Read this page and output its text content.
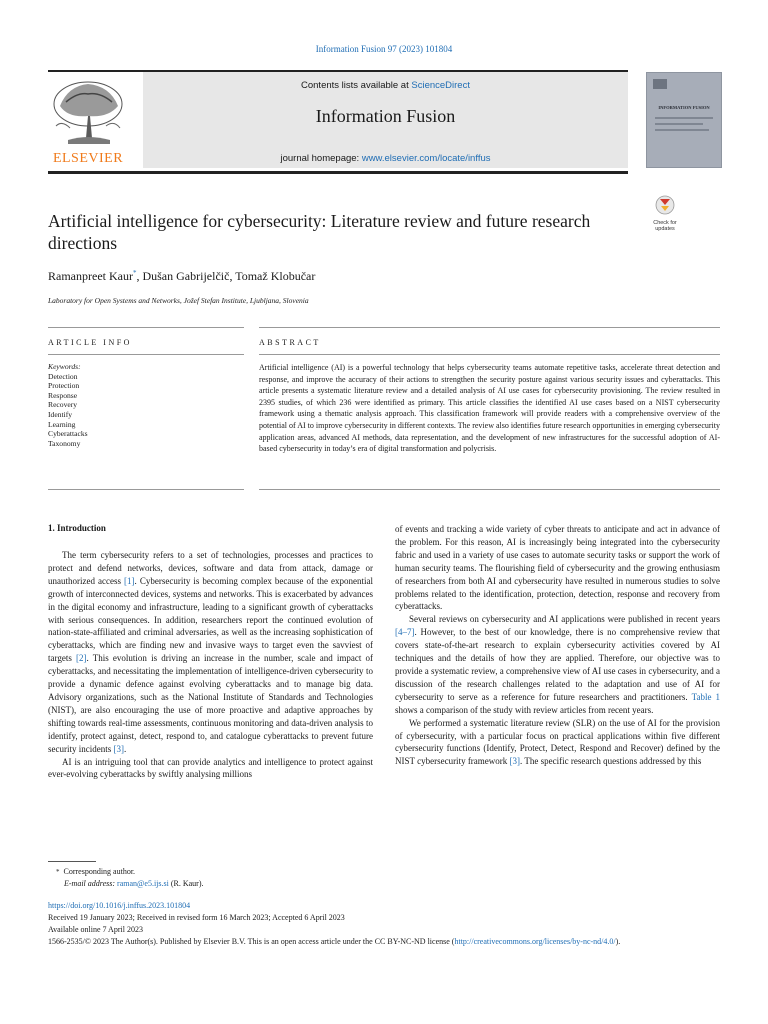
Information Fusion 97 (2023) 101804
ELSEVIER
Contents lists available at ScienceDirect
Information Fusion
journal homepage: www.elsevier.com/locate/inffus
INFORMATION FUSION
Check for
updates
Artificial intelligence for cybersecurity: Literature review and future research directions
Ramanpreet Kaur*, Dušan Gabrijelčič, Tomaž Klobučar
Laboratory for Open Systems and Networks, Jožef Stefan Institute, Ljubljana, Slovenia
ARTICLE INFO	ABSTRACT
Keywords:
Detection
Protection
Response
Recovery
Identify
Learning
Cyberattacks
Taxonomy
Artificial intelligence (AI) is a powerful technology that helps cybersecurity teams automate repetitive tasks, accelerate threat detection and response, and improve the accuracy of their actions to strengthen the security posture against various security issues and cyberattacks. This article presents a systematic literature review and a detailed analysis of AI use cases for cybersecurity provisioning. The review resulted in 2395 studies, of which 236 were identified as primary. This article classifies the identified AI use cases based on a NIST cybersecurity framework using a thematic analysis approach. This classification framework will provide readers with a comprehensive overview of the potential of AI to improve cybersecurity in different contexts. The review also identifies future research opportunities in emerging cybersecurity application areas, advanced AI methods, data representation, and the development of new infrastructures for the successful adoption of AI-based cybersecurity in today’s era of digital transformation and polycrisis.
1. Introduction

The term cybersecurity refers to a set of technologies, processes and practices to protect and defend networks, devices, software and data from attack, damage or unauthorized access [1]. Cybersecurity is becoming complex because of the exponential growth of interconnected devices, systems and networks. This is exacerbated by advances in the digital economy and infrastructure, leading to a significant growth of cyberattacks with serious consequences. In addition, researchers report the continued evolution of nation-state-affiliated and criminal adversaries, as well as the increasing sophistication of cyberattacks, which are finding new and invasive ways to target even the savviest of targets [2]. This evolution is driving an increase in the number, scale and impact of cyberattacks, and necessitating the implementation of intelligence-driven cybersecurity to provide a dynamic defence against evolving cyberattacks and to manage big data. Advisory organizations, such as the National Institute of Standards and Technologies (NIST), are also encouraging the use of more proactive and adaptive approaches by shifting towards real-time assessments, continuous monitoring and data-driven analysis to identify, protect against, detect, respond to, and catalogue cyberattacks to prevent future security incidents [3].

AI is an intriguing tool that can provide analytics and intelligence to protect against ever-evolving cyberattacks by swiftly analysing millions

of events and tracking a wide variety of cyber threats to anticipate and act in advance of the problem. For this reason, AI is increasingly being integrated into the cybersecurity fabric and used in a variety of use cases to automate security tasks or support the work of human security teams. The flourishing field of cybersecurity and the growing enthusiasm of researchers from both AI and cybersecurity have resulted in numerous studies to solve problems related to the identification, protection, detection, response and recovery from cyberattacks.

Several reviews on cybersecurity and AI applications were published in recent years [4–7]. However, to the best of our knowledge, there is no comprehensive review that covers state-of-the-art research to explain cybersecurity activities covered by AI techniques and the details of how they are applied. Therefore, our objective was to provide a systematic review, a comprehensive view of AI use cases in cybersecurity, and a discussion of the research challenges related to the adaptation and use of AI for cybersecurity to serve as a reference for future researchers and practitioners. Table 1 shows a comparison of the study with review articles from recent years.

We performed a systematic literature review (SLR) on the use of AI for the provision of cybersecurity, with a particular focus on practical applications within five different cybersecurity functions (Identify, Protect, Detect, Respond and Recover) defined by the NIST cybersecurity framework [3]. The specific research questions addressed by this

* Corresponding author.
E-mail address: raman@e5.ijs.si (R. Kaur).
https://doi.org/10.1016/j.inffus.2023.101804
Received 19 January 2023; Received in revised form 16 March 2023; Accepted 6 April 2023
Available online 7 April 2023
1566-2535/© 2023 The Author(s). Published by Elsevier B.V. This is an open access article under the CC BY-NC-ND license (http://creativecommons.org/licenses/by-nc-nd/4.0/).
